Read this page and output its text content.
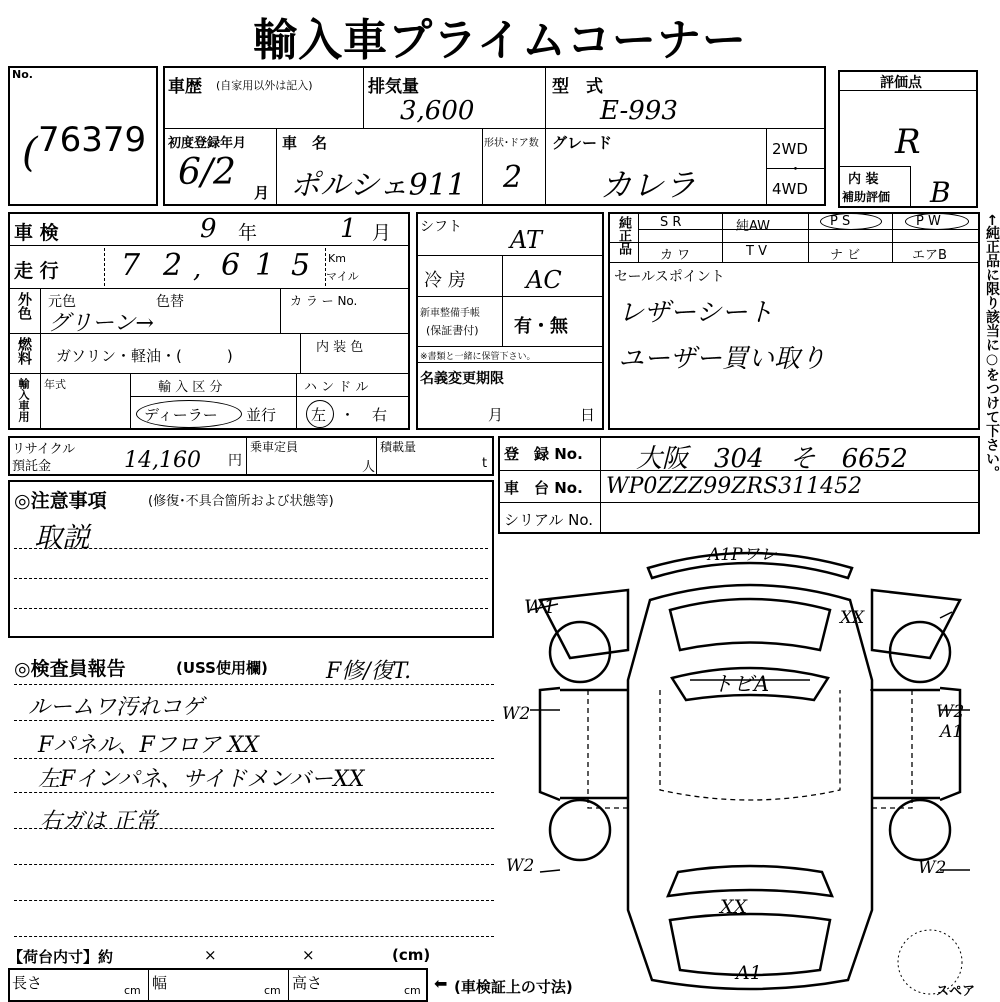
輸入車プライムコーナー
No.
( 76379
車歴 (自家用以外は記入)	排気量
3,600
型　式
E-993
初度登録年月
6/2 月
車　名
ポルシェ911
形状･ドア数
2
グレード
カレラ
2WD
・
4WD
評価点
R
内 装
補助評価 B
車 検	9 年	1 月
走 行 7 2 , 6 1 5 Km
マイル
外色 元色	色替
グリーン→
カ ラ ー No.
燃料 ガソリン・軽油・(　　　)	内 装 色
輸入車用 年式	輸 入 区 分	ハ ン ド ル
ディーラー 並行 左 ・ 右
シフト AT
冷 房	AC
新車整備手帳
(保証書付) 有・無
※書類と一緒に保管下さい。
名義変更期限
月	日
純正品 S R	純AW	P S	P W
カ ワ	T V	ナ ビ	エアB
セールスポイント
レザーシート
ユーザー買い取り	←純正品に限り該当に○をつけて下さい。
リサイクル
預託金	14,160 円
乗車定員
人
積載量
t
登　録 No. 大阪　304　そ　6652
車　台 No. WP0ZZZ99ZRS311452
シリアル No.
◎注意事項	(修復･不具合箇所および状態等)
取説
◎検査員報告	(USS使用欄)	F修/復T.
ルームワ汚れコゲ
Fパネル、Fフロア XX
左Fインパネ、サイドメンバーXX
右ガは 正常
【荷台内寸】約	×	×	(cm)
長さ	cm 幅	cm 高さ	cm ⬅ (車検証上の寸法)
A1Pワレ
W1	XX
W2	W2
A1
トビA
W2	W2
XX
A1
スペア
